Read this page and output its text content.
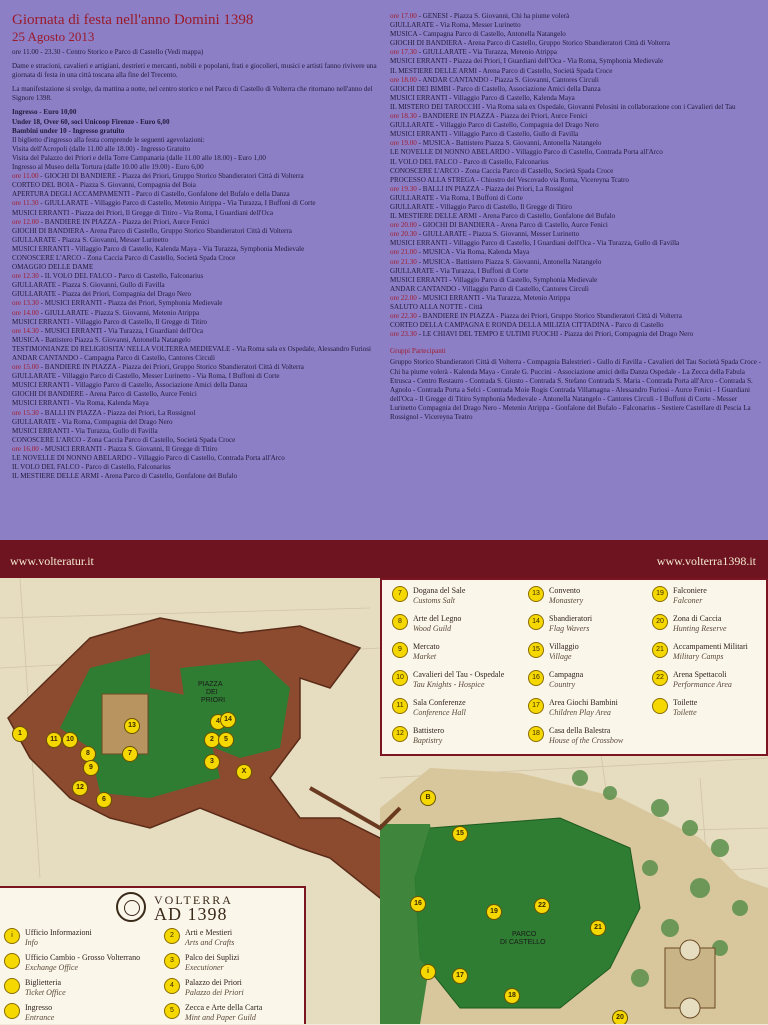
Giornata di festa nell'anno Domini 1398
25 Agosto 2013
ore 11.00 - 23.30 - Centro Storico e Parco di Castello (Vedi mappa)
Dame e stracioni, cavalieri e artigiani, destrieri e mercanti, nobili e popolani, frati e giocolieri, musici e artisti fanno rivivere una giornata di festa in una città toscana alla fine del Trecento.
La manifestazione si svolge, da mattina a notte, nel centro storico e nel Parco di Castello di Volterra che ritornano nell'anno del Signore 1398.
Ingresso - Euro 10,00
Under 18, Over 60, soci Unicoop Firenze - Euro 6,00
Bambini under 10 - Ingresso gratuito
Il biglietto d'ingresso alla festa comprende le seguenti agevolazioni:
Visita dell'Acropoli (dalle 11.00 alle 18.00) - Ingresso Gratuito
Visita del Palazzo dei Priori e della Torre Campanaria (dalle 11.00 alle 18.00) - Euro 1,00
Ingresso al Museo della Tortura (dalle 10.00 alle 19.00) - Euro 6,00
ore 11.00 - GIOCHI DI BANDIERE - Piazza dei Priori, Gruppo Storico Sbandieratori Città di Volterra
CORTEO DEL BOIA - Piazza S. Giovanni, Compagnia del Boia
APERTURA DEGLI ACCAMPAMENTI - Parco di Castello, Gonfalone del Bufalo e della Danza
ore 11.30 - GIULLARATE - Villaggio Parco di Castello, Metenio Atrippa - Via Turazza, I Buffoni di Corte
MUSICI ERRANTI - Piazza dei Priori, Il Gregge di Titiro - Via Roma, I Guardiani dell'Oca
ore 12.00 - BANDIERE IN PIAZZA - Piazza dei Priori, Aurce Fenici
GIOCHI DI BANDIERA - Arena Parco di Castello, Gruppo Storico Sbandieratori Città di Volterra
GIULLARATE - Piazza S. Giovanni, Messer Lurinetto
MUSICI ERRANTI - Villaggio Parco di Castello, Kalenda Maya - Via Turazza, Symphonia Medievale
CONOSCERE L'ARCO - Zona Caccia Parco di Castello, Società Spada Croce
OMAGGIO DELLE DAME
ore 12.30 - IL VOLO DEL FALCO - Parco di Castello, Falconarius
GIULLARATE - Piazza S. Giovanni, Gullo di Favilla
GIULLARATE - Piazza dei Priori, Compagnia del Drago Nero
ore 13.30 - MUSICI ERRANTI - Piazza dei Priori, Symphonia Medievale
ore 14.00 - GIULLARATE - Piazza S. Giovanni, Metenio Atrippa
MUSICI ERRANTI - Villaggio Parco di Castello, Il Gregge di Titiro
ore 14.30 - MUSICI ERRANTI - Via Turazza, I Guardiani dell'Oca
MUSICA - Battistero Piazza S. Giovanni, Antonella Natangelo
TESTIMONIANZE DI RELIGIOSITA' NELLA VOLTERRA MEDIEVALE - Via Roma sala ex Ospedale, Alessandro Furiosi
ANDAR CANTANDO - Campagna Parco di Castello, Cantores Circuli
ore 15.00 - BANDIERE IN PIAZZA - Piazza dei Priori, Gruppo Storico Sbandieratori Città di Volterra
GIULLARATE - Villaggio Parco di Castello, Messer Lurinetto - Via Roma, I Buffoni di Corte
MUSICI ERRANTI - Villaggio Parco di Castello, Associazione Amici della Danza
GIOCHI DI BANDIERE - Arena Parco di Castello, Aurce Fenici
MUSICI ERRANTI - Via Roma, Kalenda Maya
ore 15.30 - BALLI IN PIAZZA - Piazza dei Priori, La Rossignol
GIULLARATE - Via Roma, Compagnia del Drago Nero
MUSICI ERRANTI - Via Turazza, Gullo di Favilla
CONOSCERE L'ARCO - Zona Caccia Parco di Castello, Società Spada Croce
ore 16.00 - MUSICI ERRANTI - Piazza S. Giovanni, Il Gregge di Titiro
LE NOVELLE DI NONNO ABELARDO - Villaggio Parco di Castello, Contrada Porta all'Arco
IL VOLO DEL FALCO - Parco di Castello, Falconarius
IL MESTIERE DELLE ARMI - Arena Parco di Castello, Gonfalone del Bufalo
ore 17.00 - GENESI - Piazza S. Giovanni, Chi ha piume volerà
GIULLARATE - Via Roma, Messer Lurinetto
MUSICA - Campagna Parco di Castello, Antonella Natangelo
GIOCHI DI BANDIERA - Arena Parco di Castello, Gruppo Storico Sbandieratori Città di Volterra
ore 17.30 - GIULLARATE - Via Turazza, Metenio Atrippa
MUSICI ERRANTI - Piazza dei Priori, I Guardiani dell'Oca - Via Roma, Symphonia Medievale
IL MESTIERE DELLE ARMI - Arena Parco di Castello, Società Spada Croce
ore 18.00 - ANDAR CANTANDO - Piazza S. Giovanni, Cantores Circuli
GIOCHI DEI BIMBI - Parco di Castello, Associazione Amici della Danza
MUSICI ERRANTI - Villaggio Parco di Castello, Kalenda Maya
IL MISTERO DEI TAROCCHI - Via Roma sala ex Ospedale, Giovanni Pelosini in collaborazione con i Cavalieri del Tau
ore 18.30 - BANDIERE IN PIAZZA - Piazza dei Priori, Aurce Fenici
GIULLARATE - Villaggio Parco di Castello, Compagnia del Drago Nero
MUSICI ERRANTI - Villaggio Parco di Castello, Gullo di Favilla
ore 19.00 - MUSICA - Battistero Piazza S. Giovanni, Antonella Natangelo
LE NOVELLE DI NONNO ABELARDO - Villaggio Parco di Castello, Contrada Porta all'Arco
IL VOLO DEL FALCO - Parco di Castello, Falconarius
CONOSCERE L'ARCO - Zona Caccia Parco di Castello, Società Spada Croce
PROCESSO ALLA STREGA - Chiostro del Vescovado via Roma, Vicereyna Tcatro
ore 19.30 - BALLI IN PIAZZA - Piazza dei Priori, La Rossignol
GIULLARATE - Via Roma, I Buffoni di Corte
GIULLARATE - Villaggio Parco di Castello, Il Gregge di Titiro
IL MESTIERE DELLE ARMI - Arena Parco di Castello, Gonfalone del Bufalo
ore 20.00 - GIOCHI DI BANDIERA - Arena Parco di Castello, Aurce Fenici
ore 20.30 - GIULLARATE - Piazza S. Giovanni, Messer Lurinetto
MUSICI ERRANTI - Villaggio Parco di Castello, I Guardiani dell'Oca - Via Turazza, Gullo di Favilla
ore 21.00 - MUSICA - Via Roma, Kalenda Maya
ore 21.30 - MUSICA - Battistero Piazza S. Giovanni, Antonella Natangelo
GIULLARATE - Via Turazza, I Buffoni di Corte
MUSICI ERRANTI - Villaggio Parco di Castello, Symphonia Medievale
ANDAR CANTANDO - Villaggio Parco di Castello, Cantores Circuli
ore 22.00 - MUSICI ERRANTI - Via Turazza, Metenio Atrippa
SALUTO ALLA NOTTE - Città
ore 22.30 - BANDIERE IN PIAZZA - Piazza dei Priori, Gruppo Storico Sbandieratori Città di Volterra
CORTEO DELLA CAMPAGNA E RONDA DELLA MILIZIA CITTADINA - Parco di Castello
ore 23.30 - LE CHIAVI DEL TEMPO E ULTIMI FUOCHI - Piazza dei Priori, Compagnia del Drago Nero
Gruppi Partecipanti
Gruppo Storico Sbandieratori Città di Volterra - Compagnia Balestrieri - Gullo di Favilla - Cavalieri del Tau Società Spada Croce - Chi ha piume volerà - Kalenda Maya - Corale G. Puccini - Associazione amici della Danza Ospedale - La Zecca della Fabula Etrusca - Centro Restauro - Contrada S. Giusto - Contrada S. Stefano Contrada S. Maria - Contrada Porta all'Arco - Contrada S. Agnolo - Contrada Porta a Selci - Contrada Moie Rogis Contrada Villamagna - Alessandro Furiosi - Aurce Fenici - I Guardiani dell'Oca - Il Gregge di Titiro Symphonia Medievale - Antonella Natangelo - Cantores Circuli - I Buffoni di Corte - Messer Lurinetto Compagnia del Drago Nero - Metenio Atrippa - Gonfalone del Bufalo - Falconarius - Sestiere Castellare di Pescia La Rossignol - Vicereyna Teatro
www.volteratur.it	www.volterra1398.it
PIAZZA
DEI
PRIORI
PARCO
DI CASTELLO
1
2
3
4
5
6
7
8
9
10
11
12
13
14
15
16
17
18
19
20
21
22
i
B
X
7	Dogana del Sale
Customs Salt
8	Arte del Legno
Wood Guild
9	Mercato
Market
10	Cavalieri del Tau - Ospedale
Tau Knights - Hospice
11	Sala Conferenze
Conference Hall
12	Battistero
Baptistry
13	Convento
Monastery
14	Sbandieratori
Flag Wavers
15	Villaggio
Village
16	Campagna
Country
17	Area Giochi Bambini
Children Play Area
18	Casa della Balestra
House of the Crossbow
19	Falconiere
Falconer
20	Zona di Caccia
Hunting Reserve
21	Accampamenti Militari
Military Camps
22	Arena Spettacoli
Performance Area
Toilette
Toilette
VOLTERRA
AD 1398
i	Ufficio Informazioni
Info
Ufficio Cambio - Grosso Volterrano
Exchange Office
Biglietteria
Ticket Office
Ingresso
Entrance
2	Arti e Mestieri
Arts and Crafts
3	Palco dei Suplizi
Executioner
4	Palazzo dei Priori
Palazzo dei Priori
5	Zecca e Arte della Carta
Mint and Paper Guild
